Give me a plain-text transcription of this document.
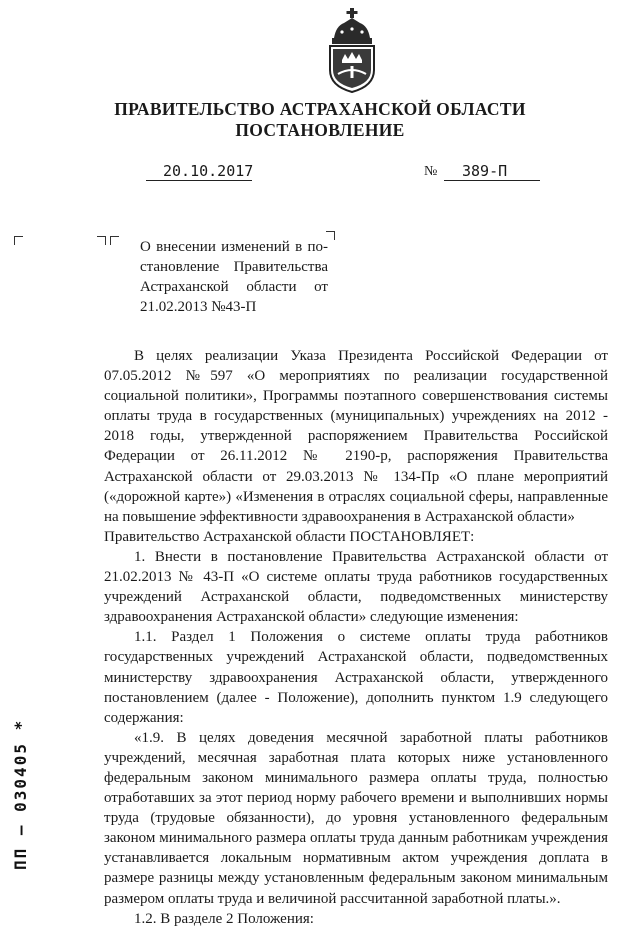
ПРАВИТЕЛЬСТВО АСТРАХАНСКОЙ ОБЛАСТИ
ПОСТАНОВЛЕНИЕ
20.10.2017	№ 389-П
О внесении изменений в по-
становление Правительства
Астраханской области от
21.02.2013 №43-П

В целях реализации Указа Президента Российской Федерации от 07.05.2012 №597 «О мероприятиях по реализации государственной социальной политики», Программы поэтапного совершенствования системы оплаты труда в государственных (муниципальных) учреждениях на 2012 - 2018 годы, утвержденной распоряжением Правительства Российской Федерации от 26.11.2012 № 2190-р, распоряжения Правительства Астраханской области от 29.03.2013 № 134-Пр «О плане мероприятий («дорожной карте») «Изменения в отраслях социальной сферы, направленные на повышение эффективности здравоохранения в Астраханской области»

Правительство Астраханской области ПОСТАНОВЛЯЕТ:

1. Внести в постановление Правительства Астраханской области от 21.02.2013 № 43-П «О системе оплаты труда работников государственных учреждений Астраханской области, подведомственных министерству здравоохранения Астраханской области» следующие изменения:

1.1. Раздел 1 Положения о системе оплаты труда работников государственных учреждений Астраханской области, подведомственных министерству здравоохранения Астраханской области, утвержденного постановлением (далее - Положение), дополнить пунктом 1.9 следующего содержания:

«1.9. В целях доведения месячной заработной платы работников учреждений, месячная заработная плата которых ниже установленного федеральным законом минимального размера оплаты труда, полностью отработавших за этот период норму рабочего времени и выполнивших нормы труда (трудовые обязанности), до уровня установленного федеральным законом минимального размера оплаты труда данным работникам учреждения устанавливается локальным нормативным актом учреждения доплата в размере разницы между установленным федеральным законом минимальным размером оплаты труда и величиной рассчитанной заработной платы.».

1.2. В разделе 2 Положения:

ПП – 030405 *
